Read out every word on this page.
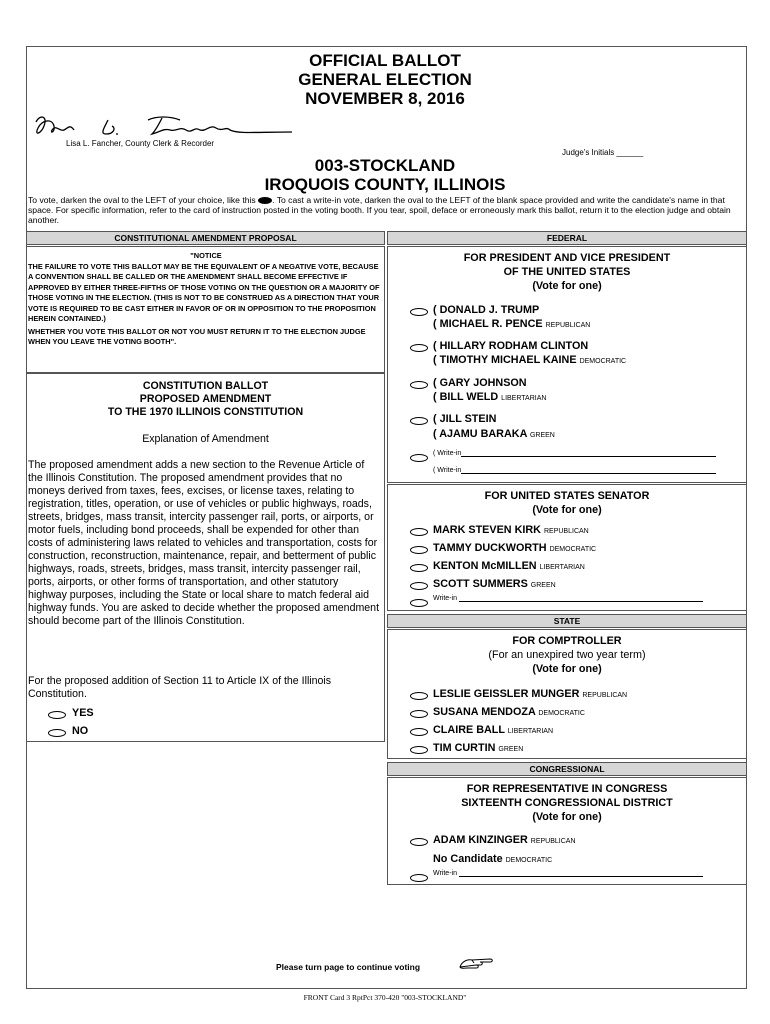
OFFICIAL BALLOT
GENERAL ELECTION
NOVEMBER 8, 2016
Lisa L. Fancher, County Clerk & Recorder
Judge's Initials ______
003-STOCKLAND
IROQUOIS COUNTY, ILLINOIS
To vote, darken the oval to the LEFT of your choice, like this . To cast a write-in vote, darken the oval to the LEFT of the blank space provided and write the candidate's name in that space. For specific information, refer to the card of instruction posted in the voting booth. If you tear, spoil, deface or erroneously mark this ballot, return it to the election judge and obtain another.
CONSTITUTIONAL AMENDMENT PROPOSAL
"NOTICE
THE FAILURE TO VOTE THIS BALLOT MAY BE THE EQUIVALENT OF A NEGATIVE VOTE, BECAUSE A CONVENTION SHALL BE CALLED OR THE AMENDMENT SHALL BECOME EFFECTIVE IF APPROVED BY EITHER THREE-FIFTHS OF THOSE VOTING ON THE QUESTION OR A MAJORITY OF THOSE VOTING IN THE ELECTION. (THIS IS NOT TO BE CONSTRUED AS A DIRECTION THAT YOUR VOTE IS REQUIRED TO BE CAST EITHER IN FAVOR OF OR IN OPPOSITION TO THE PROPOSITION HEREIN CONTAINED.)
WHETHER YOU VOTE THIS BALLOT OR NOT YOU MUST RETURN IT TO THE ELECTION JUDGE WHEN YOU LEAVE THE VOTING BOOTH".
CONSTITUTION BALLOT
PROPOSED AMENDMENT
TO THE 1970 ILLINOIS CONSTITUTION
Explanation of Amendment
The proposed amendment adds a new section to the Revenue Article of the Illinois Constitution. The proposed amendment provides that no moneys derived from taxes, fees, excises, or license taxes, relating to registration, titles, operation, or use of vehicles or public highways, roads, streets, bridges, mass transit, intercity passenger rail, ports, or airports, or motor fuels, including bond proceeds, shall be expended for other than costs of administering laws related to vehicles and transportation, costs for construction, reconstruction, maintenance, repair, and betterment of public highways, roads, streets, bridges, mass transit, intercity passenger rail, ports, airports, or other forms of transportation, and other statutory highway purposes, including the State or local share to match federal aid highway funds. You are asked to decide whether the proposed amendment should become part of the Illinois Constitution.
For the proposed addition of Section 11 to Article IX of the Illinois Constitution.
YES
NO
FEDERAL
FOR PRESIDENT AND VICE PRESIDENT
OF THE UNITED STATES
(Vote for one)
( DONALD J. TRUMP
( MICHAEL R. PENCE REPUBLICAN
( HILLARY RODHAM CLINTON
( TIMOTHY MICHAEL KAINE DEMOCRATIC
( GARY JOHNSON
( BILL WELD LIBERTARIAN
( JILL STEIN
( AJAMU BARAKA GREEN
( Write-in
( Write-in
FOR UNITED STATES SENATOR
(Vote for one)
MARK STEVEN KIRK REPUBLICAN
TAMMY DUCKWORTH DEMOCRATIC
KENTON McMILLEN LIBERTARIAN
SCOTT SUMMERS GREEN
Write-in
STATE
FOR COMPTROLLER
(For an unexpired two year term)
(Vote for one)
LESLIE GEISSLER MUNGER REPUBLICAN
SUSANA MENDOZA DEMOCRATIC
CLAIRE BALL LIBERTARIAN
TIM CURTIN GREEN
CONGRESSIONAL
FOR REPRESENTATIVE IN CONGRESS
SIXTEENTH CONGRESSIONAL DISTRICT
(Vote for one)
ADAM KINZINGER REPUBLICAN
No Candidate DEMOCRATIC
Write-in
Please turn page to continue voting
FRONT Card 3 RptPct 370-420 "003-STOCKLAND"
